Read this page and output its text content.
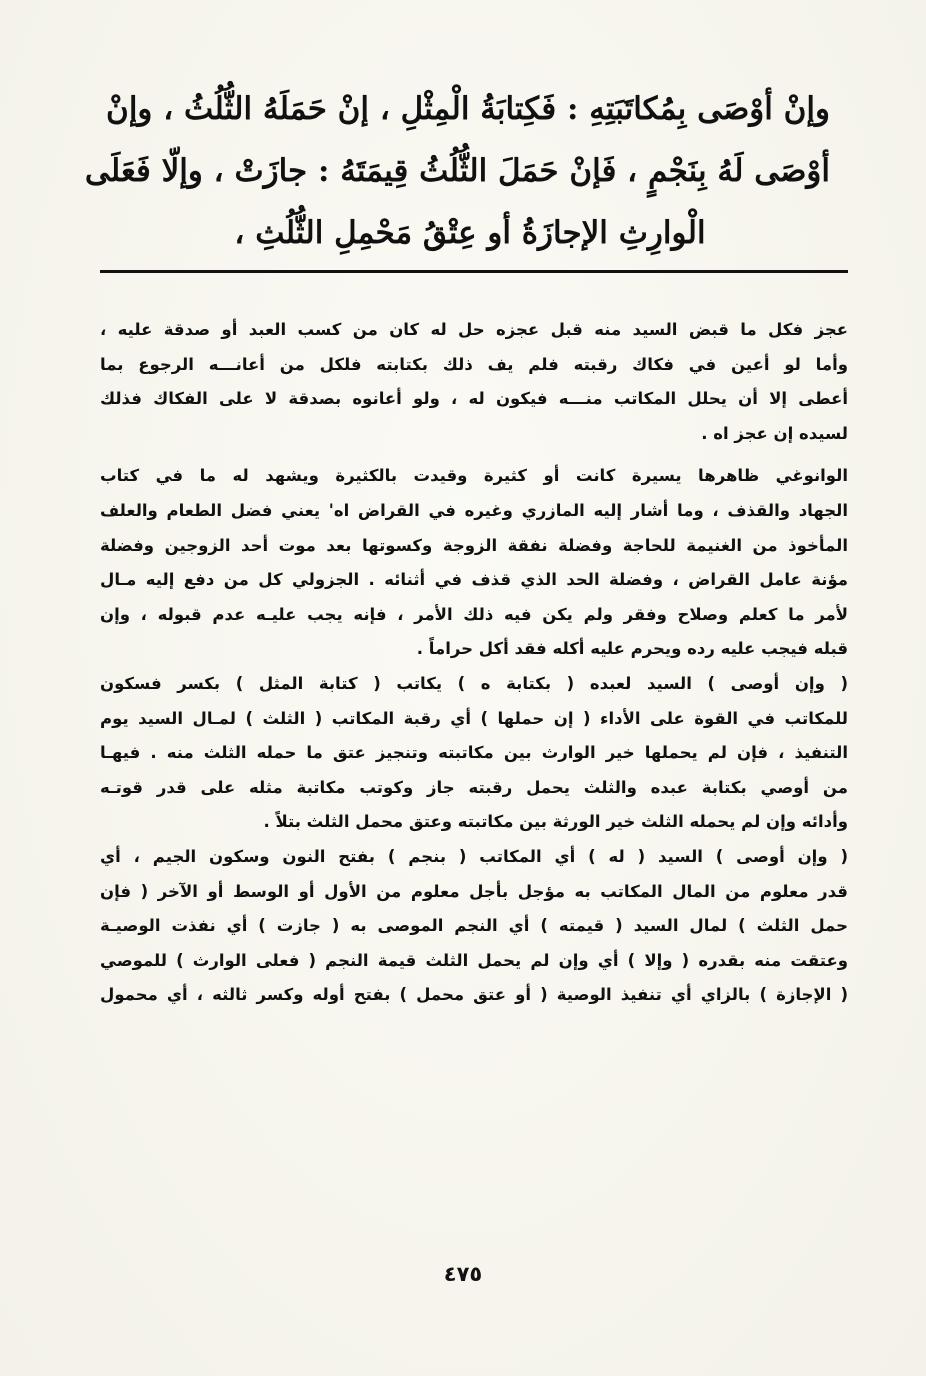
وإنْ أوْصَى بِمُكاتَبَتِهِ : فَكِتابَةُ الْمِثْلِ ، إنْ حَمَلَهُ الثُّلُثُ ، وإنْ
أوْصَى لَهُ بِنَجْمٍ ، فَإنْ حَمَلَ الثُّلُثُ قِيمَتَهُ : جازَتْ ، وإلّا فَعَلَى
الْوارِثِ الإجازَةُ أو عِتْقُ مَحْمِلِ الثُّلُثِ ،
عجز فكل ما قبض السيد منه قبل عجزه حل له كان من كسب العبد أو صدقة عليه ،
وأما لو أعين في فكاك رقبته فلم يف ذلك بكتابته فلكل من أعانـــه الرجوع بما
أعطى إلا أن يحلل المكاتب منـــه فيكون له ، ولو أعانوه بصدقة لا على الفكاك فذلك
لسيده إن عجز اه .
الوانوغي ظاهرها يسيرة كانت أو كثيرة وقيدت بالكثيرة ويشهد له ما في كتاب
الجهاد والقذف ، وما أشار إليه المازري وغيره في القراض اه' يعني فضل الطعام والعلف
المأخوذ من الغنيمة للحاجة وفضلة نفقة الزوجة وكسوتها بعد موت أحد الزوجين وفضلة
مؤنة عامل القراض ، وفضلة الحد الذي قذف في أثنائه . الجزولي كل من دفع إليه مـال
لأمر ما كعلم وصلاح وفقر ولم يكن فيه ذلك الأمر ، فإنه يجب عليـه عدم قبوله ، وإن
قبله فيجب عليه رده ويحرم عليه أكله فقد أكل حراماً .
( وإن أوصى ) السيد لعبده ( بكتابة ه ) يكاتب ( كتابة المثل ) بكسر فسكون
للمكاتب في القوة على الأداء ( إن حملها ) أي رقبة المكاتب ( الثلث ) لمـال السيد يوم
التنفيذ ، فإن لم يحملها خير الوارث بين مكاتبته وتنجيز عتق ما حمله الثلث منه . فيهـا
من أوصي بكتابة عبده والثلث يحمل رقبته جاز وكوتب مكاتبة مثله على قدر قوتـه
وأدائه وإن لم يحمله الثلث خير الورثة بين مكاتبته وعتق محمل الثلث بتلاً .
( وإن أوصى ) السيد ( له ) أي المكاتب ( بنجم ) بفتح النون وسكون الجيم ، أي
قدر معلوم من المال المكاتب به مؤجل بأجل معلوم من الأول أو الوسط أو الآخر ( فإن
حمل الثلث ) لمال السيد ( قيمته ) أي النجم الموصى به ( جازت ) أي نفذت الوصيـة
وعتقت منه بقدره ( وإلا ) أي وإن لم يحمل الثلث قيمة النجم ( فعلى الوارث ) للموصي
( الإجازة ) بالزاي أي تنفيذ الوصية ( أو عتق محمل ) بفتح أوله وكسر ثالثه ، أي محمول
٤٧٥
